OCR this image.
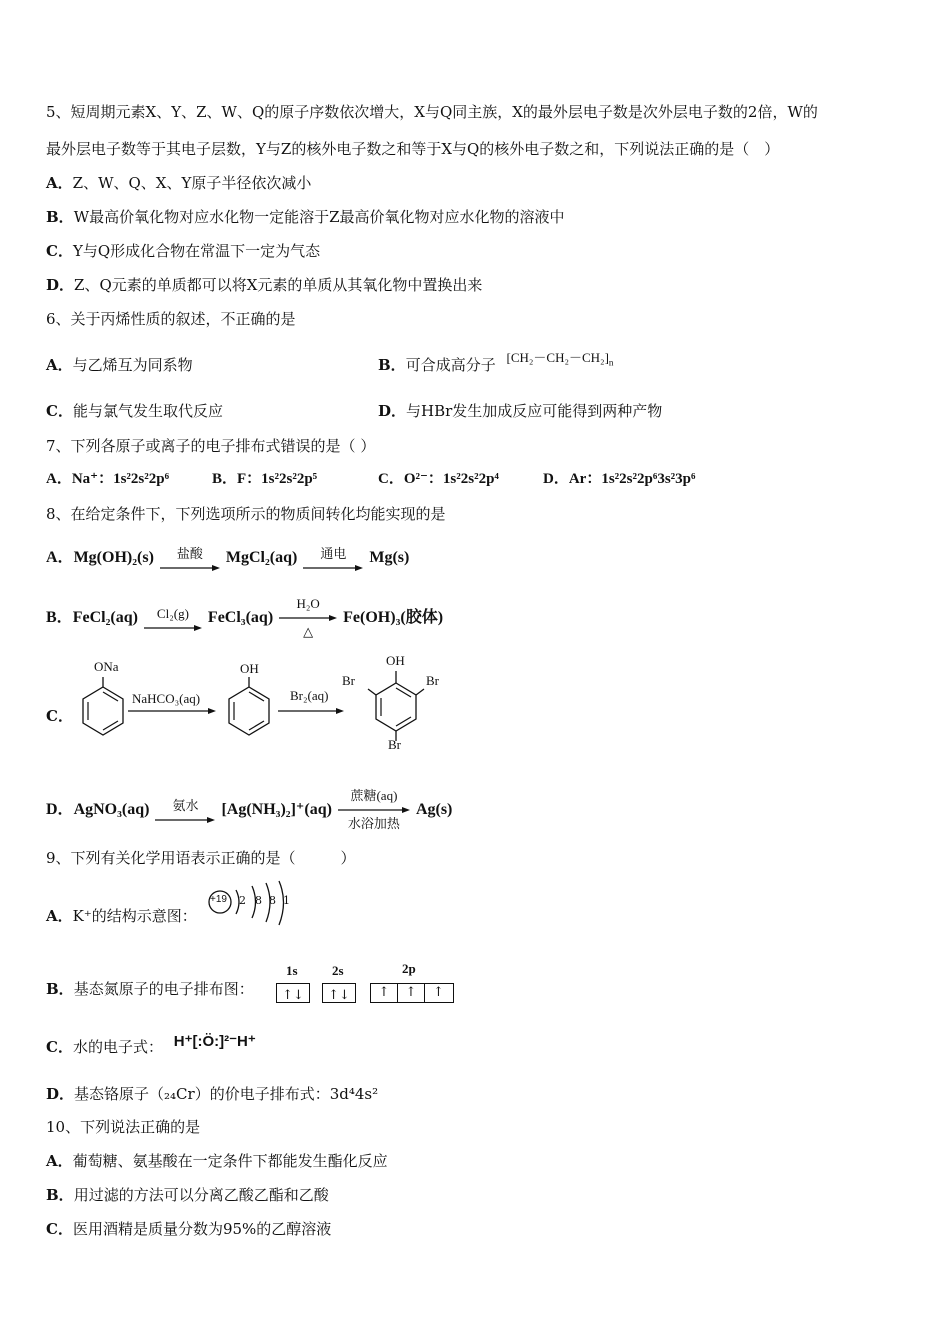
5、短周期元素X、Y、Z、W、Q的原子序数依次增大，X与Q同主族，X的最外层电子数是次外层电子数的2倍，W的
最外层电子数等于其电子层数，Y与Z的核外电子数之和等于X与Q的核外电子数之和，下列说法正确的是（　）
A．Z、W、Q、X、Y原子半径依次减小
B．W最高价氧化物对应水化物一定能溶于Z最高价氧化物对应水化物的溶液中
C．Y与Q形成化合物在常温下一定为气态
D．Z、Q元素的单质都可以将X元素的单质从其氧化物中置换出来
6、关于丙烯性质的叙述，不正确的是
A．与乙烯互为同系物	B．可合成高分子 $[CH_2-CH_2-CH_2]_n$
C．能与氯气发生取代反应	D．与HBr发生加成反应可能得到两种产物
7、下列各原子或离子的电子排布式错误的是（ ）
A．Na⁺：1s²2s²2p⁶	B．F：1s²2s²2p⁵	C．O²⁻：1s²2s²2p⁴	D．Ar：1s²2s²2p⁶3s²3p⁶
8、在给定条件下，下列选项所示的物质间转化均能实现的是
A． Mg(OH)₂(s)	盐酸	MgCl₂(aq)	通电	Mg(s)
B． FeCl₂(aq)	Cl₂(g)	FeCl₃(aq)
H₂O
△
Fe(OH)₃(胶体)
C．
ONa
NaHCO₃(aq)
OH
Br₂(aq)
OH
Br	Br
Br
D． AgNO₃(aq)	氨水	[Ag(NH₃)₂]⁺(aq)
蔗糖(aq)
水浴加热
Ag(s)
9、下列有关化学用语表示正确的是（　　　）
A．K⁺的结构示意图：
+19 2 8 8 1
B．基态氮原子的电子排布图：
1s	2s	2p
↑↓	↑↓	↑	↑	↑
C．水的电子式： H⁺[:Ö:]²⁻H⁺
D．基态铬原子（₂₄Cr）的价电子排布式：3d⁴4s²
10、下列说法正确的是
A．葡萄糖、氨基酸在一定条件下都能发生酯化反应
B．用过滤的方法可以分离乙酸乙酯和乙酸
C．医用酒精是质量分数为95%的乙醇溶液
